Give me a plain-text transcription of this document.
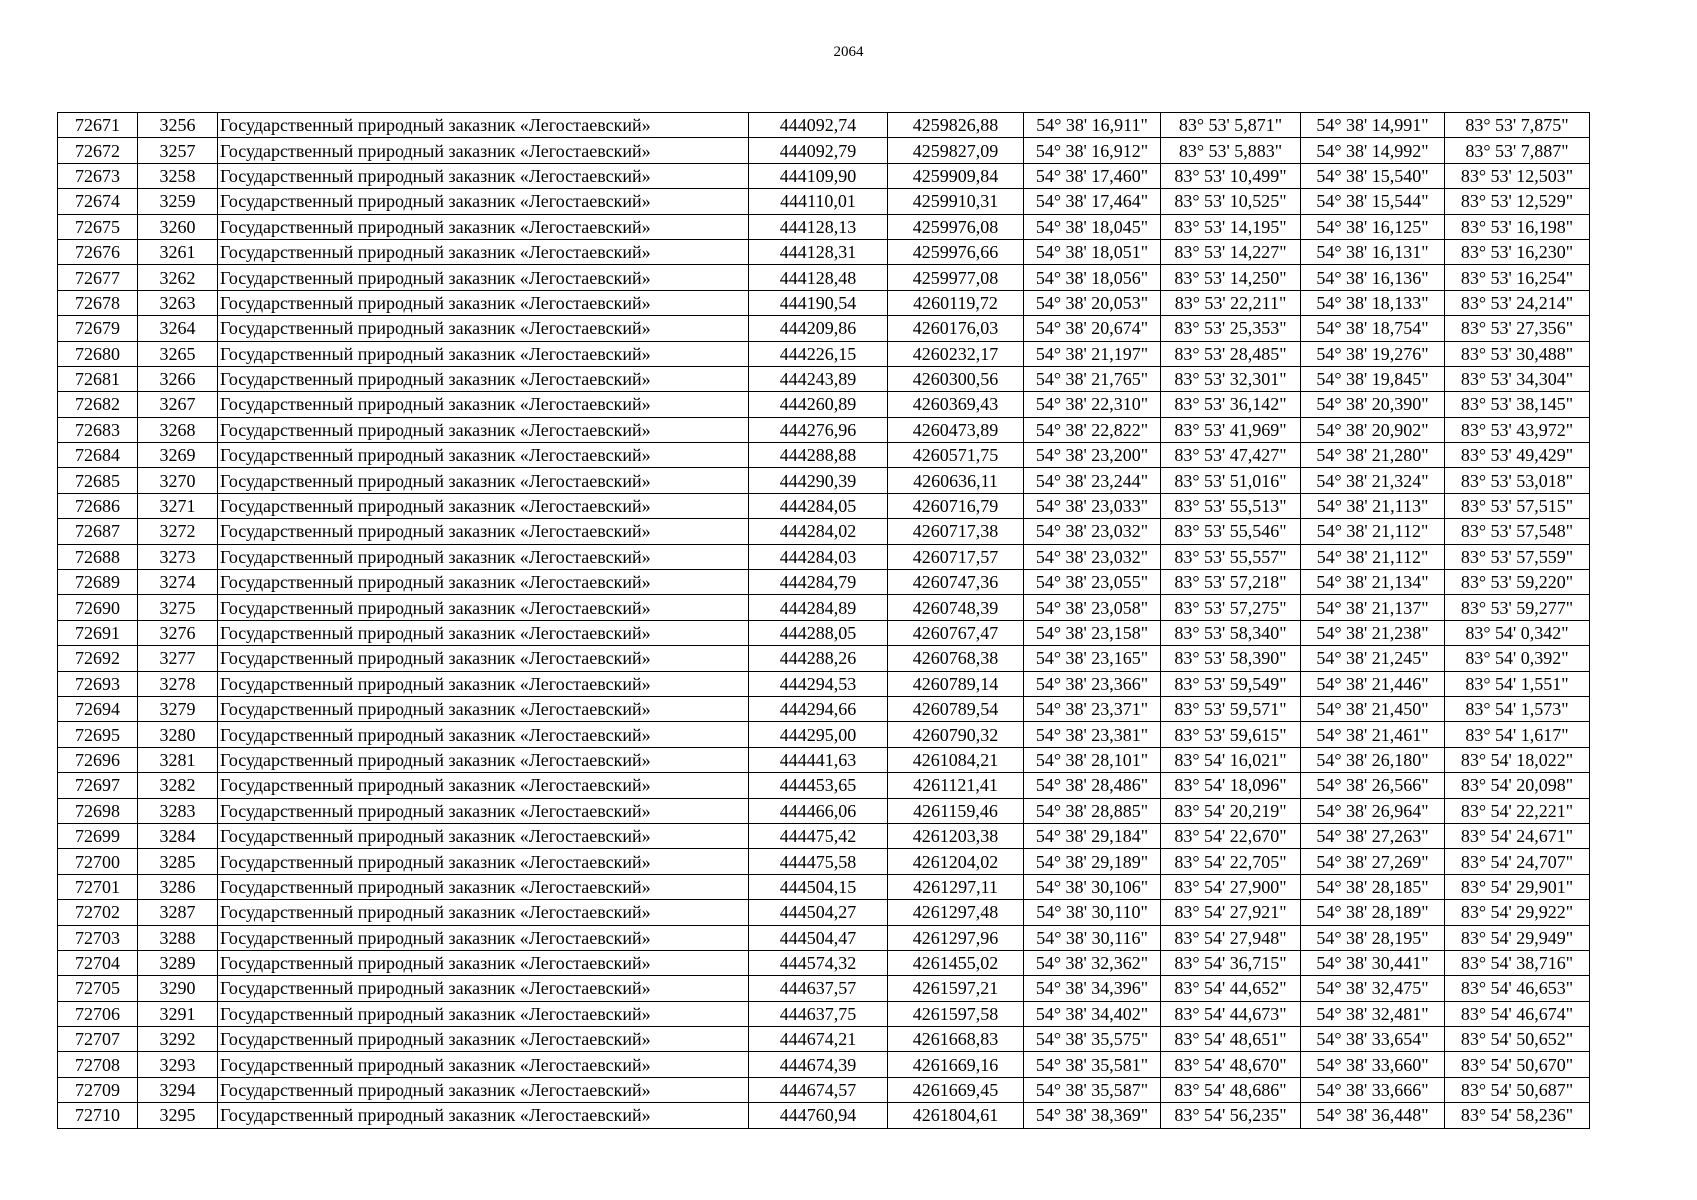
2064
72671	3256	Государственный природный заказник «Легостаевский»	444092,74	4259826,88	54° 38' 16,911"	83° 53' 5,871"	54° 38' 14,991"	83° 53' 7,875"
72672	3257	Государственный природный заказник «Легостаевский»	444092,79	4259827,09	54° 38' 16,912"	83° 53' 5,883"	54° 38' 14,992"	83° 53' 7,887"
72673	3258	Государственный природный заказник «Легостаевский»	444109,90	4259909,84	54° 38' 17,460"	83° 53' 10,499"	54° 38' 15,540"	83° 53' 12,503"
72674	3259	Государственный природный заказник «Легостаевский»	444110,01	4259910,31	54° 38' 17,464"	83° 53' 10,525"	54° 38' 15,544"	83° 53' 12,529"
72675	3260	Государственный природный заказник «Легостаевский»	444128,13	4259976,08	54° 38' 18,045"	83° 53' 14,195"	54° 38' 16,125"	83° 53' 16,198"
72676	3261	Государственный природный заказник «Легостаевский»	444128,31	4259976,66	54° 38' 18,051"	83° 53' 14,227"	54° 38' 16,131"	83° 53' 16,230"
72677	3262	Государственный природный заказник «Легостаевский»	444128,48	4259977,08	54° 38' 18,056"	83° 53' 14,250"	54° 38' 16,136"	83° 53' 16,254"
72678	3263	Государственный природный заказник «Легостаевский»	444190,54	4260119,72	54° 38' 20,053"	83° 53' 22,211"	54° 38' 18,133"	83° 53' 24,214"
72679	3264	Государственный природный заказник «Легостаевский»	444209,86	4260176,03	54° 38' 20,674"	83° 53' 25,353"	54° 38' 18,754"	83° 53' 27,356"
72680	3265	Государственный природный заказник «Легостаевский»	444226,15	4260232,17	54° 38' 21,197"	83° 53' 28,485"	54° 38' 19,276"	83° 53' 30,488"
72681	3266	Государственный природный заказник «Легостаевский»	444243,89	4260300,56	54° 38' 21,765"	83° 53' 32,301"	54° 38' 19,845"	83° 53' 34,304"
72682	3267	Государственный природный заказник «Легостаевский»	444260,89	4260369,43	54° 38' 22,310"	83° 53' 36,142"	54° 38' 20,390"	83° 53' 38,145"
72683	3268	Государственный природный заказник «Легостаевский»	444276,96	4260473,89	54° 38' 22,822"	83° 53' 41,969"	54° 38' 20,902"	83° 53' 43,972"
72684	3269	Государственный природный заказник «Легостаевский»	444288,88	4260571,75	54° 38' 23,200"	83° 53' 47,427"	54° 38' 21,280"	83° 53' 49,429"
72685	3270	Государственный природный заказник «Легостаевский»	444290,39	4260636,11	54° 38' 23,244"	83° 53' 51,016"	54° 38' 21,324"	83° 53' 53,018"
72686	3271	Государственный природный заказник «Легостаевский»	444284,05	4260716,79	54° 38' 23,033"	83° 53' 55,513"	54° 38' 21,113"	83° 53' 57,515"
72687	3272	Государственный природный заказник «Легостаевский»	444284,02	4260717,38	54° 38' 23,032"	83° 53' 55,546"	54° 38' 21,112"	83° 53' 57,548"
72688	3273	Государственный природный заказник «Легостаевский»	444284,03	4260717,57	54° 38' 23,032"	83° 53' 55,557"	54° 38' 21,112"	83° 53' 57,559"
72689	3274	Государственный природный заказник «Легостаевский»	444284,79	4260747,36	54° 38' 23,055"	83° 53' 57,218"	54° 38' 21,134"	83° 53' 59,220"
72690	3275	Государственный природный заказник «Легостаевский»	444284,89	4260748,39	54° 38' 23,058"	83° 53' 57,275"	54° 38' 21,137"	83° 53' 59,277"
72691	3276	Государственный природный заказник «Легостаевский»	444288,05	4260767,47	54° 38' 23,158"	83° 53' 58,340"	54° 38' 21,238"	83° 54' 0,342"
72692	3277	Государственный природный заказник «Легостаевский»	444288,26	4260768,38	54° 38' 23,165"	83° 53' 58,390"	54° 38' 21,245"	83° 54' 0,392"
72693	3278	Государственный природный заказник «Легостаевский»	444294,53	4260789,14	54° 38' 23,366"	83° 53' 59,549"	54° 38' 21,446"	83° 54' 1,551"
72694	3279	Государственный природный заказник «Легостаевский»	444294,66	4260789,54	54° 38' 23,371"	83° 53' 59,571"	54° 38' 21,450"	83° 54' 1,573"
72695	3280	Государственный природный заказник «Легостаевский»	444295,00	4260790,32	54° 38' 23,381"	83° 53' 59,615"	54° 38' 21,461"	83° 54' 1,617"
72696	3281	Государственный природный заказник «Легостаевский»	444441,63	4261084,21	54° 38' 28,101"	83° 54' 16,021"	54° 38' 26,180"	83° 54' 18,022"
72697	3282	Государственный природный заказник «Легостаевский»	444453,65	4261121,41	54° 38' 28,486"	83° 54' 18,096"	54° 38' 26,566"	83° 54' 20,098"
72698	3283	Государственный природный заказник «Легостаевский»	444466,06	4261159,46	54° 38' 28,885"	83° 54' 20,219"	54° 38' 26,964"	83° 54' 22,221"
72699	3284	Государственный природный заказник «Легостаевский»	444475,42	4261203,38	54° 38' 29,184"	83° 54' 22,670"	54° 38' 27,263"	83° 54' 24,671"
72700	3285	Государственный природный заказник «Легостаевский»	444475,58	4261204,02	54° 38' 29,189"	83° 54' 22,705"	54° 38' 27,269"	83° 54' 24,707"
72701	3286	Государственный природный заказник «Легостаевский»	444504,15	4261297,11	54° 38' 30,106"	83° 54' 27,900"	54° 38' 28,185"	83° 54' 29,901"
72702	3287	Государственный природный заказник «Легостаевский»	444504,27	4261297,48	54° 38' 30,110"	83° 54' 27,921"	54° 38' 28,189"	83° 54' 29,922"
72703	3288	Государственный природный заказник «Легостаевский»	444504,47	4261297,96	54° 38' 30,116"	83° 54' 27,948"	54° 38' 28,195"	83° 54' 29,949"
72704	3289	Государственный природный заказник «Легостаевский»	444574,32	4261455,02	54° 38' 32,362"	83° 54' 36,715"	54° 38' 30,441"	83° 54' 38,716"
72705	3290	Государственный природный заказник «Легостаевский»	444637,57	4261597,21	54° 38' 34,396"	83° 54' 44,652"	54° 38' 32,475"	83° 54' 46,653"
72706	3291	Государственный природный заказник «Легостаевский»	444637,75	4261597,58	54° 38' 34,402"	83° 54' 44,673"	54° 38' 32,481"	83° 54' 46,674"
72707	3292	Государственный природный заказник «Легостаевский»	444674,21	4261668,83	54° 38' 35,575"	83° 54' 48,651"	54° 38' 33,654"	83° 54' 50,652"
72708	3293	Государственный природный заказник «Легостаевский»	444674,39	4261669,16	54° 38' 35,581"	83° 54' 48,670"	54° 38' 33,660"	83° 54' 50,670"
72709	3294	Государственный природный заказник «Легостаевский»	444674,57	4261669,45	54° 38' 35,587"	83° 54' 48,686"	54° 38' 33,666"	83° 54' 50,687"
72710	3295	Государственный природный заказник «Легостаевский»	444760,94	4261804,61	54° 38' 38,369"	83° 54' 56,235"	54° 38' 36,448"	83° 54' 58,236"
